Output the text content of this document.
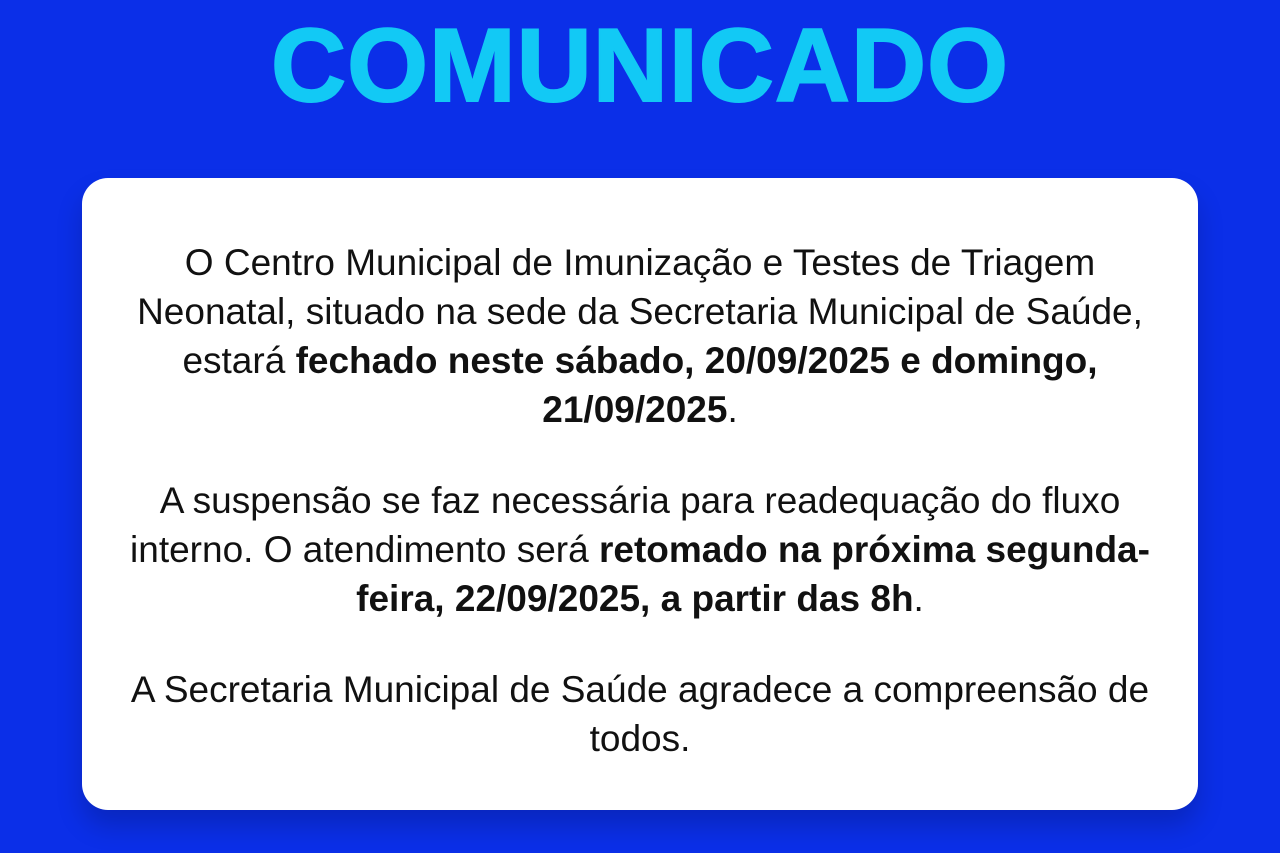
COMUNICADO

O Centro Municipal de Imunização e Testes de Triagem Neonatal, situado na sede da Secretaria Municipal de Saúde, estará fechado neste sábado, 20/09/2025 e domingo, 21/09/2025.

A suspensão se faz necessária para readequação do fluxo interno. O atendimento será retomado na próxima segunda-feira, 22/09/2025, a partir das 8h.

A Secretaria Municipal de Saúde agradece a compreensão de todos.
